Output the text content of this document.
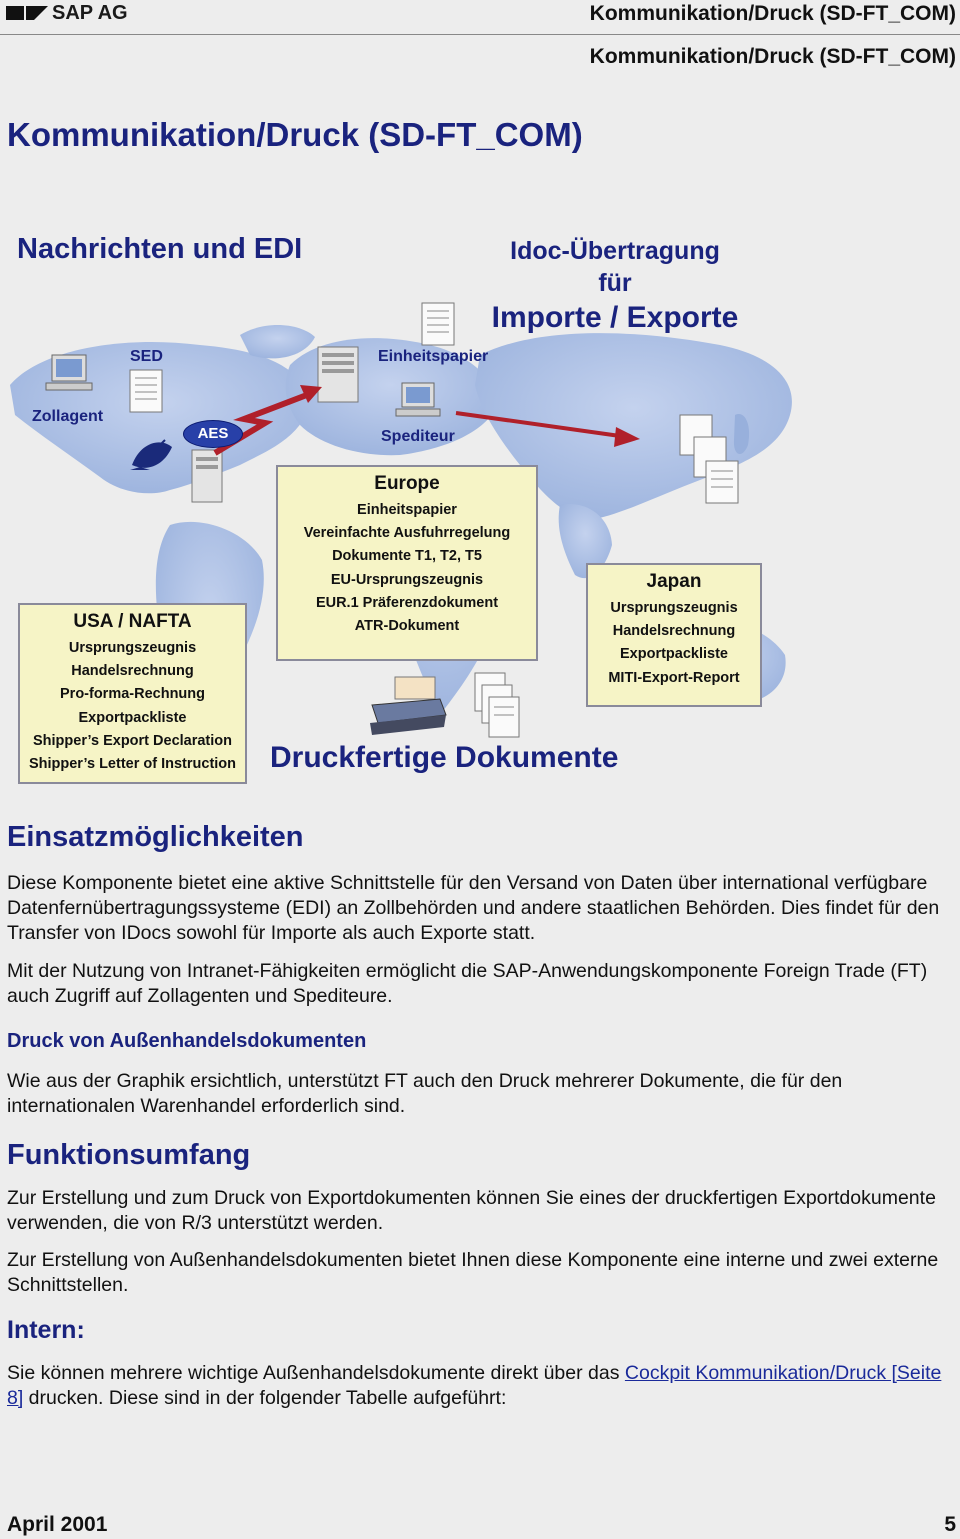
SAP AG	Kommunikation/Druck (SD-FT_COM)
Kommunikation/Druck (SD-FT_COM)
Kommunikation/Druck (SD-FT_COM)
Nachrichten und EDI	Idoc-Übertragung
für
Importe / Exporte
SED
Zollagent
AES
Einheitspapier
Spediteur
Europe
Einheitspapier
Vereinfachte Ausfuhrregelung
Dokumente T1, T2, T5
EU-Ursprungszeugnis
EUR.1 Präferenzdokument
ATR-Dokument
USA / NAFTA
Ursprungszeugnis
Handelsrechnung
Pro-forma-Rechnung
Exportpackliste
Shipper’s Export Declaration
Shipper’s Letter of Instruction
Japan
Ursprungszeugnis
Handelsrechnung
Exportpackliste
MITI-Export-Report
Druckfertige Dokumente
Einsatzmöglichkeiten
Diese Komponente bietet eine aktive Schnittstelle für den Versand von Daten über international verfügbare Datenfernübertragungssysteme (EDI) an Zollbehörden und andere staatlichen Behörden. Dies findet für den Transfer von IDocs sowohl für Importe als auch Exporte statt.
Mit der Nutzung von Intranet-Fähigkeiten ermöglicht die SAP-Anwendungskomponente Foreign Trade (FT) auch Zugriff auf Zollagenten und Spediteure.
Druck von Außenhandelsdokumenten
Wie aus der Graphik ersichtlich, unterstützt FT auch den Druck mehrerer Dokumente, die für den internationalen Warenhandel erforderlich sind.
Funktionsumfang
Zur Erstellung und zum Druck von Exportdokumenten können Sie eines der druckfertigen Exportdokumente verwenden, die von R/3 unterstützt werden.
Zur Erstellung von Außenhandelsdokumenten bietet Ihnen diese Komponente eine interne und zwei externe Schnittstellen.
Intern:
Sie können mehrere wichtige Außenhandelsdokumente direkt über das Cockpit Kommunikation/Druck [Seite 8] drucken. Diese sind in der folgender Tabelle aufgeführt:
April 2001	5
